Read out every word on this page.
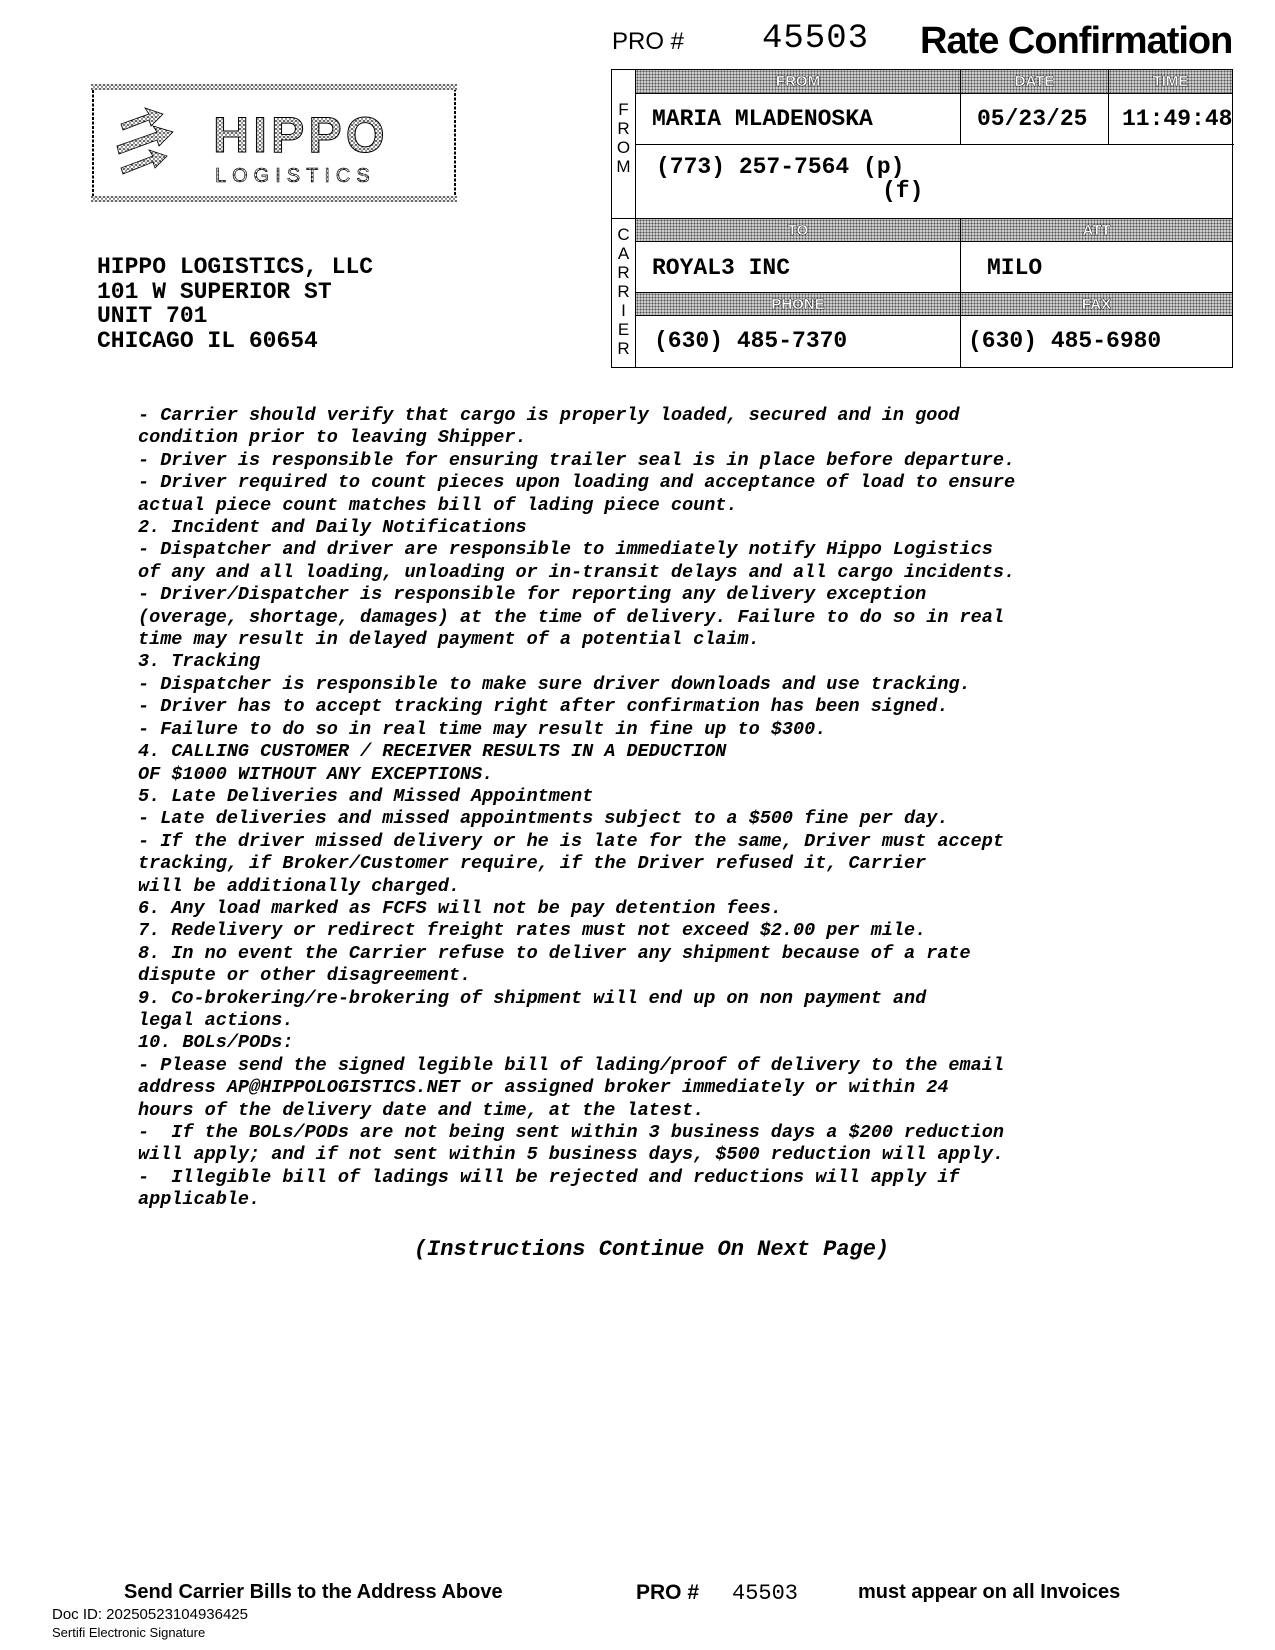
PRO # 45503 Rate Confirmation
HIPPO
LOGISTICS
HIPPO LOGISTICS, LLC
101 W SUPERIOR ST
UNIT 701
CHICAGO IL 60654
F
R
O
M
C
A
R
R
I
E
R
FROM	DATE	TIME
MARIA MLADENOSKA	05/23/25 11:49:48
(773) 257-7564 (p)
(f)
TO	ATT
ROYAL3 INC	MILO
PHONE	FAX
(630) 485-7370	(630) 485-6980
- Carrier should verify that cargo is properly loaded, secured and in good
condition prior to leaving Shipper.
- Driver is responsible for ensuring trailer seal is in place before departure.
- Driver required to count pieces upon loading and acceptance of load to ensure
actual piece count matches bill of lading piece count.
2. Incident and Daily Notifications
- Dispatcher and driver are responsible to immediately notify Hippo Logistics
of any and all loading, unloading or in-transit delays and all cargo incidents.
- Driver/Dispatcher is responsible for reporting any delivery exception
(overage, shortage, damages) at the time of delivery. Failure to do so in real
time may result in delayed payment of a potential claim.
3. Tracking
- Dispatcher is responsible to make sure driver downloads and use tracking.
- Driver has to accept tracking right after confirmation has been signed.
- Failure to do so in real time may result in fine up to $300.
4. CALLING CUSTOMER / RECEIVER RESULTS IN A DEDUCTION
OF $1000 WITHOUT ANY EXCEPTIONS.
5. Late Deliveries and Missed Appointment
- Late deliveries and missed appointments subject to a $500 fine per day.
- If the driver missed delivery or he is late for the same, Driver must accept
tracking, if Broker/Customer require, if the Driver refused it, Carrier
will be additionally charged.
6. Any load marked as FCFS will not be pay detention fees.
7. Redelivery or redirect freight rates must not exceed $2.00 per mile.
8. In no event the Carrier refuse to deliver any shipment because of a rate
dispute or other disagreement.
9. Co-brokering/re-brokering of shipment will end up on non payment and
legal actions.
10. BOLs/PODs:
- Please send the signed legible bill of lading/proof of delivery to the email
address AP@HIPPOLOGISTICS.NET or assigned broker immediately or within 24
hours of the delivery date and time, at the latest.
-  If the BOLs/PODs are not being sent within 3 business days a $200 reduction
will apply; and if not sent within 5 business days, $500 reduction will apply.
-  Illegible bill of ladings will be rejected and reductions will apply if
applicable.
(Instructions Continue On Next Page)
Send Carrier Bills to the Address Above	PRO # 45503	must appear on all Invoices
Doc ID: 20250523104936425
Sertifi Electronic Signature
